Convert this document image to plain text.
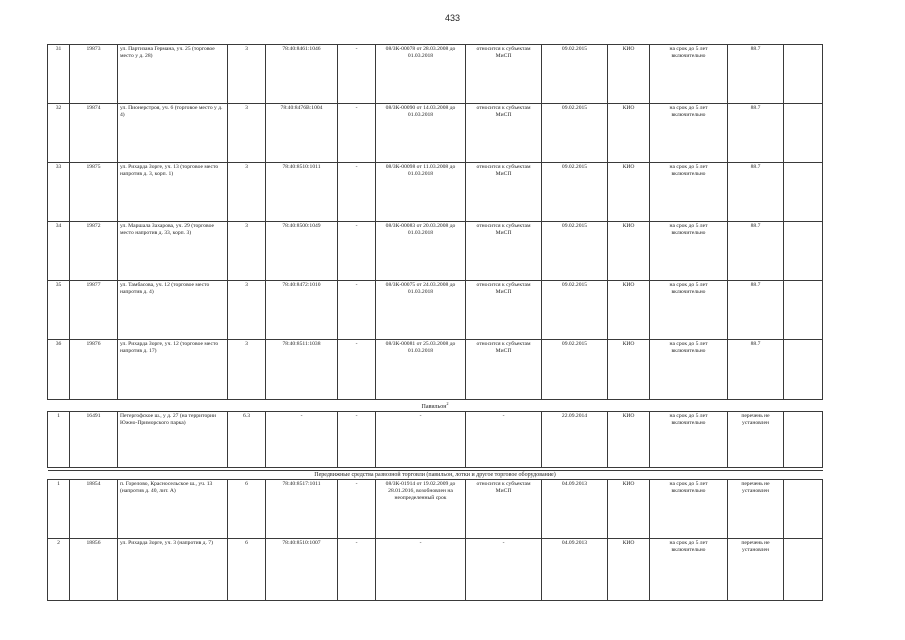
433
31	19873	ул. Партизана Германа, уч. 25 (торговое место у д. 28)	3	78:40:8461:1046	-	08/ЗК-00078 от 28.03.2008 до 01.03.2018	относится к субъектам МиСП	09.02.2015	КИО	на срок до 5 лет включительно	88.7	
32	19874	ул. Пионерстроя, уч. 6 (торговое место у д. 4)	3	78:40:8476В:1004	-	08/ЗК-00090 от 14.03.2008 до 01.03.2018	относится к субъектам МиСП	09.02.2015	КИО	на срок до 5 лет включительно	88.7	
33	19875	ул. Рихарда Зорге, уч. 13 (торговое место напротив д. 3, корп. 1)	3	78:40:8510:1011	-	08/ЗК-00098 от 11.03.2008 до 01.03.2018	относится к субъектам МиСП	09.02.2015	КИО	на срок до 5 лет включительно	88.7	
34	19872	ул. Маршала Захарова, уч. 29 (торговое место напротив д. 33, корп. 3)	3	78:40:8500:1049	-	08/ЗК-00083 от 20.03.2008 до 01.03.2018	относится к субъектам МиСП	09.02.2015	КИО	на срок до 5 лет включительно	88.7	
35	19877	ул. Тамбасова, уч. 12 (торговое место напротив д. 4)	3	78:40:8472:1010	-	08/ЗК-00075 от 24.03.2008 до 01.03.2018	относится к субъектам МиСП	09.02.2015	КИО	на срок до 5 лет включительно	88.7	
36	19876	ул. Рихарда Зорге, уч. 12 (торговое место напротив д. 17)	3	78:40:8511:1038	-	08/ЗК-00081 от 25.03.2008 до 01.03.2018	относится к субъектам МиСП	09.02.2015	КИО	на срок до 5 лет включительно	88.7	
Павильон$^2$
1	16491	Петергофское ш., у д. 27 (на территории Южно-Приморского парка)	6.3	-	-	-	-	22.09.2014	КИО	на срок до 5 лет включительно	перечень не установлен	

Передвижные средства развозной торговли (павильон, лотки и другое торговое оборудование)												
1	18854	п. Горелово, Красносельское ш., уч. 13 (напротив д. 40, лит. А)	6	78:40:8517:1011	-	08/ЗК-01914 от 19.02.2009 до 28.01.2016, возобновлен на неопределенный срок	относится к субъектам МиСП	04.09.2013	КИО	на срок до 5 лет включительно	перечень не установлен	
2	18856	ул. Рихарда Зорге, уч. 3 (напротив д. 7)	6	78:40:8510:1007	-	-	-	04.09.2013	КИО	на срок до 5 лет включительно	перечень не установлен	
